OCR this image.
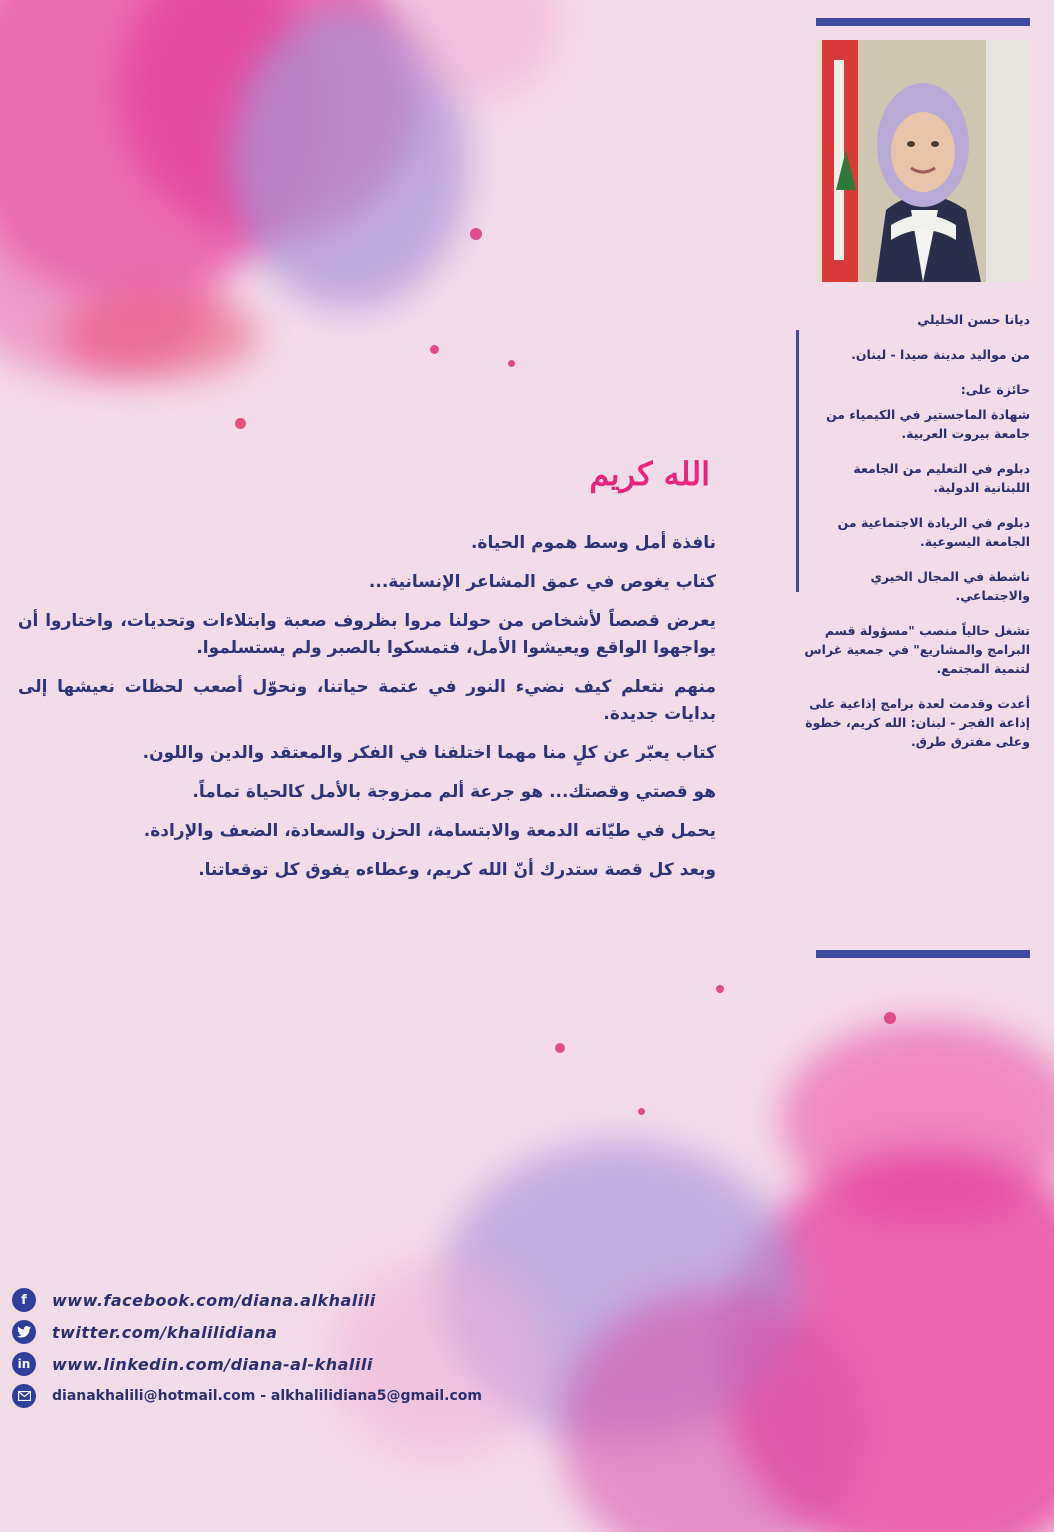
ديانا حسن الخليلي

من مواليد مدينة صيدا - لبنان.

حائزة على:

شهادة الماجستير في الكيمياء من جامعة بيروت العربية.

دبلوم في التعليم من الجامعة اللبنانية الدولية.

دبلوم في الريادة الاجتماعية من الجامعة اليسوعية.

ناشطة في المجال الخيري والاجتماعي.

تشغل حالياً منصب "مسؤولة قسم البرامج والمشاريع" في جمعية غراس لتنمية المجتمع.

أعدت وقدمت لعدة برامج إذاعية على إذاعة الفجر - لبنان: الله كريم، خطوة وعلى مفترق طرق.

الله كريم

نافذة أمل وسط هموم الحياة.

كتاب يغوص في عمق المشاعر الإنسانية...

يعرض قصصاً لأشخاص من حولنا مروا بظروف صعبة وابتلاءات وتحديات، واختاروا أن يواجهوا الواقع ويعيشوا الأمل، فتمسكوا بالصبر ولم يستسلموا.

منهم نتعلم كيف نضيء النور في عتمة حياتنا، ونحوّل أصعب لحظات نعيشها إلى بدايات جديدة.

كتاب يعبّر عن كلٍ منا مهما اختلفنا في الفكر والمعتقد والدين واللون.

هو قصتي وقصتك... هو جرعة ألم ممزوجة بالأمل كالحياة تماماً.

يحمل في طيّاته الدمعة والابتسامة، الحزن والسعادة، الضعف والإرادة.

وبعد كل قصة ستدرك أنّ الله كريم، وعطاءه يفوق كل توقعاتنا.

f	www.facebook.com/diana.alkhalili
twitter.com/khalilidiana
in	www.linkedin.com/diana-al-khalili
dianakhalili@hotmail.com - alkhalilidiana5@gmail.com
